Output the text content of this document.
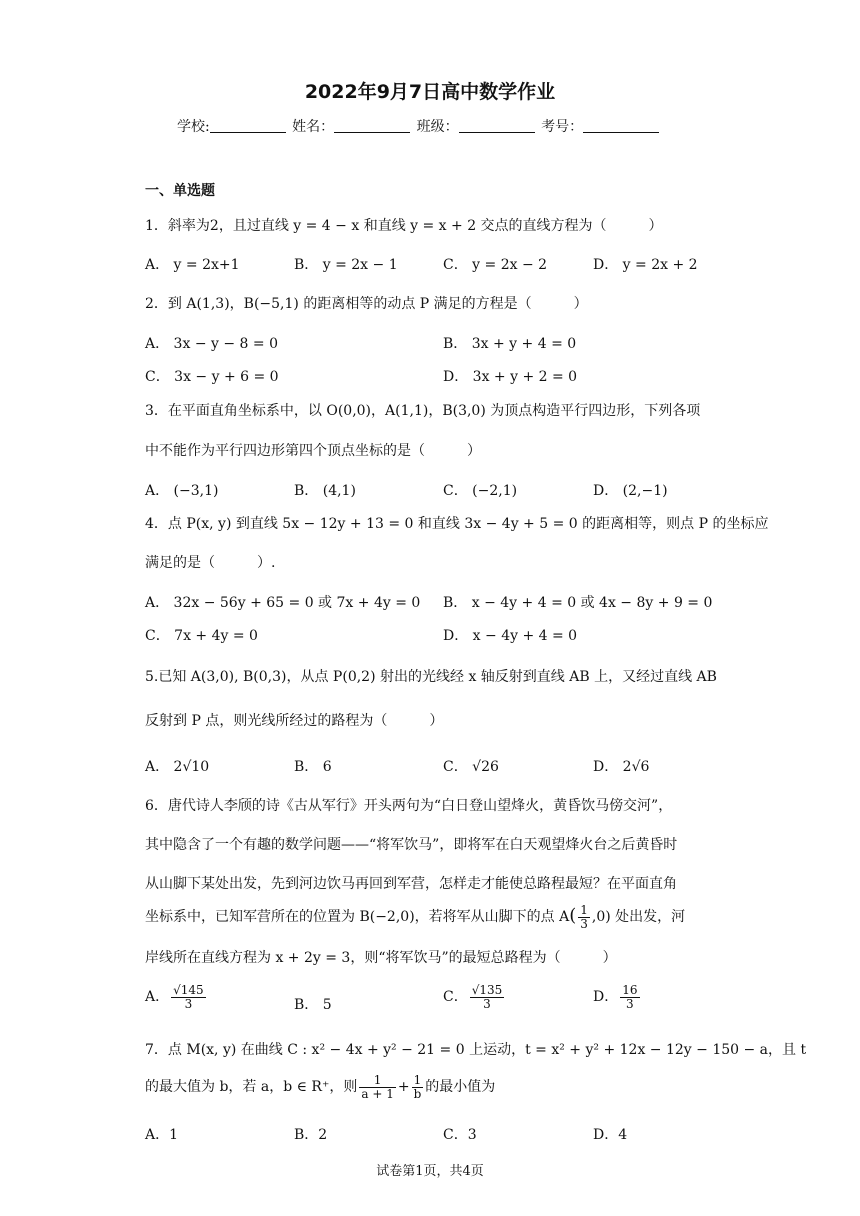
2022年9月7日高中数学作业
学校:	姓名：	班级：	考号：
一、单选题
1．斜率为2，且过直线 y = 4 − x 和直线 y = x + 2 交点的直线方程为（　　　）
A． y = 2x+1	B． y = 2x − 1	C． y = 2x − 2	D． y = 2x + 2
2．到 A(1,3)，B(−5,1) 的距离相等的动点 P 满足的方程是（　　　）
A． 3x − y − 8 = 0	B． 3x + y + 4 = 0
C． 3x − y + 6 = 0	D． 3x + y + 2 = 0
3．在平面直角坐标系中，以 O(0,0)，A(1,1)，B(3,0) 为顶点构造平行四边形，下列各项
中不能作为平行四边形第四个顶点坐标的是（　　　）
A． (−3,1)	B． (4,1)	C． (−2,1)	D． (2,−1)
4．点 P(x, y) 到直线 5x − 12y + 13 = 0 和直线 3x − 4y + 5 = 0 的距离相等，则点 P 的坐标应
满足的是（　　　）.
A． 32x − 56y + 65 = 0 或 7x + 4y = 0 B． x − 4y + 4 = 0 或 4x − 8y + 9 = 0
C． 7x + 4y = 0	D． x − 4y + 4 = 0
5.已知 A(3,0), B(0,3)，从点 P(0,2) 射出的光线经 x 轴反射到直线 AB 上，又经过直线 AB
反射到 P 点，则光线所经过的路程为（　　　）
A． 2√10	B． 6	C． √26	D． 2√6
6．唐代诗人李颀的诗《古从军行》开头两句为“白日登山望烽火，黄昏饮马傍交河”，
其中隐含了一个有趣的数学问题——“将军饮马”，即将军在白天观望烽火台之后黄昏时
从山脚下某处出发，先到河边饮马再回到军营，怎样走才能使总路程最短？在平面直角
坐标系中，已知军营所在的位置为 B(−2,0)，若将军从山脚下的点 $A( \frac{1}{3} ,0)$ 处出发，河
岸线所在直线方程为 x + 2y = 3，则“将军饮马”的最短总路程为（　　　）
A． $\frac{√145}{3}$	B． 5	C． $\frac{√135}{3}$	D． $\frac{16}{3}$
7．点 M(x, y) 在曲线 C : x² − 4x + y² − 21 = 0 上运动，t = x² + y² + 12x − 12y − 150 − a，且 t
的最大值为 b，若 a，b ∈ R⁺，则 $\frac{1}{a + 1} + \frac{1}{b}$ 的最小值为
A．1	B．2	C．3	D．4
试卷第1页，共4页
